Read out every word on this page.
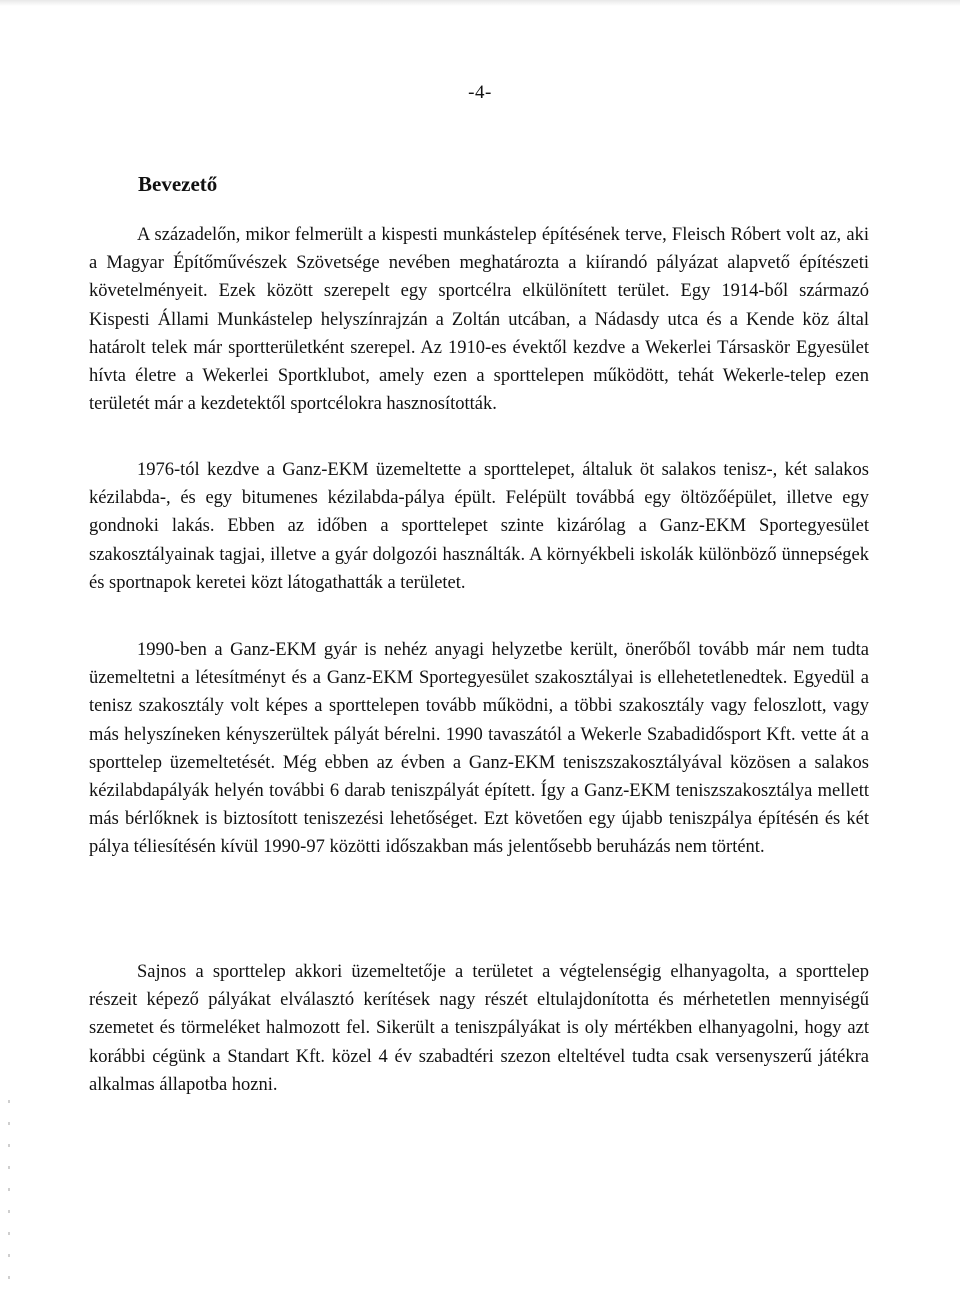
-4-
Bevezető

A századelőn, mikor felmerült a kispesti munkástelep építésének terve, Fleisch Róbert volt az, aki a Magyar Építőművészek Szövetsége nevében meghatározta a kiírandó pályázat alapvető építészeti követelményeit. Ezek között szerepelt egy sportcélra elkülönített terület. Egy 1914-ből származó Kispesti Állami Munkástelep helyszínrajzán a Zoltán utcában, a Nádasdy utca és a Kende köz által határolt telek már sportterületként szerepel. Az 1910-es évektől kezdve a Wekerlei Társaskör Egyesület hívta életre a Wekerlei Sportklubot, amely ezen a sporttelepen működött, tehát Wekerle-telep ezen területét már a kezdetektől sportcélokra hasznosították.

1976-tól kezdve a Ganz-EKM üzemeltette a sporttelepet, általuk öt salakos tenisz-, két salakos kézilabda-, és egy bitumenes kézilabda-pálya épült. Felépült továbbá egy öltözőépület, illetve egy gondnoki lakás. Ebben az időben a sporttelepet szinte kizárólag a Ganz-EKM Sportegyesület szakosztályainak tagjai, illetve a gyár dolgozói használták. A környékbeli iskolák különböző ünnepségek és sportnapok keretei közt látogathatták a területet.

1990-ben a Ganz-EKM gyár is nehéz anyagi helyzetbe került, önerőből tovább már nem tudta üzemeltetni a létesítményt és a Ganz-EKM Sportegyesület szakosztályai is ellehetetlenedtek. Egyedül a tenisz szakosztály volt képes a sporttelepen tovább működni, a többi szakosztály vagy feloszlott, vagy más helyszíneken kényszerültek pályát bérelni. 1990 tavaszától a Wekerle Szabadidősport Kft. vette át a sporttelep üzemeltetését. Még ebben az évben a Ganz-EKM teniszszakosztályával közösen a salakos kézilabdapályák helyén további 6 darab teniszpályát épített. Így a Ganz-EKM teniszszakosztálya mellett más bérlőknek is biztosított teniszezési lehetőséget. Ezt követően egy újabb teniszpálya építésén és két pálya téliesítésén kívül 1990-97 közötti időszakban más jelentősebb beruházás nem történt.

Sajnos a sporttelep akkori üzemeltetője a területet a végtelenségig elhanyagolta, a sporttelep részeit képező pályákat elválasztó kerítések nagy részét eltulajdonította és mérhetetlen mennyiségű szemetet és törmeléket halmozott fel. Sikerült a teniszpályákat is oly mértékben elhanyagolni, hogy azt korábbi cégünk a Standart Kft. közel 4 év szabadtéri szezon elteltével tudta csak versenyszerű játékra alkalmas állapotba hozni.
